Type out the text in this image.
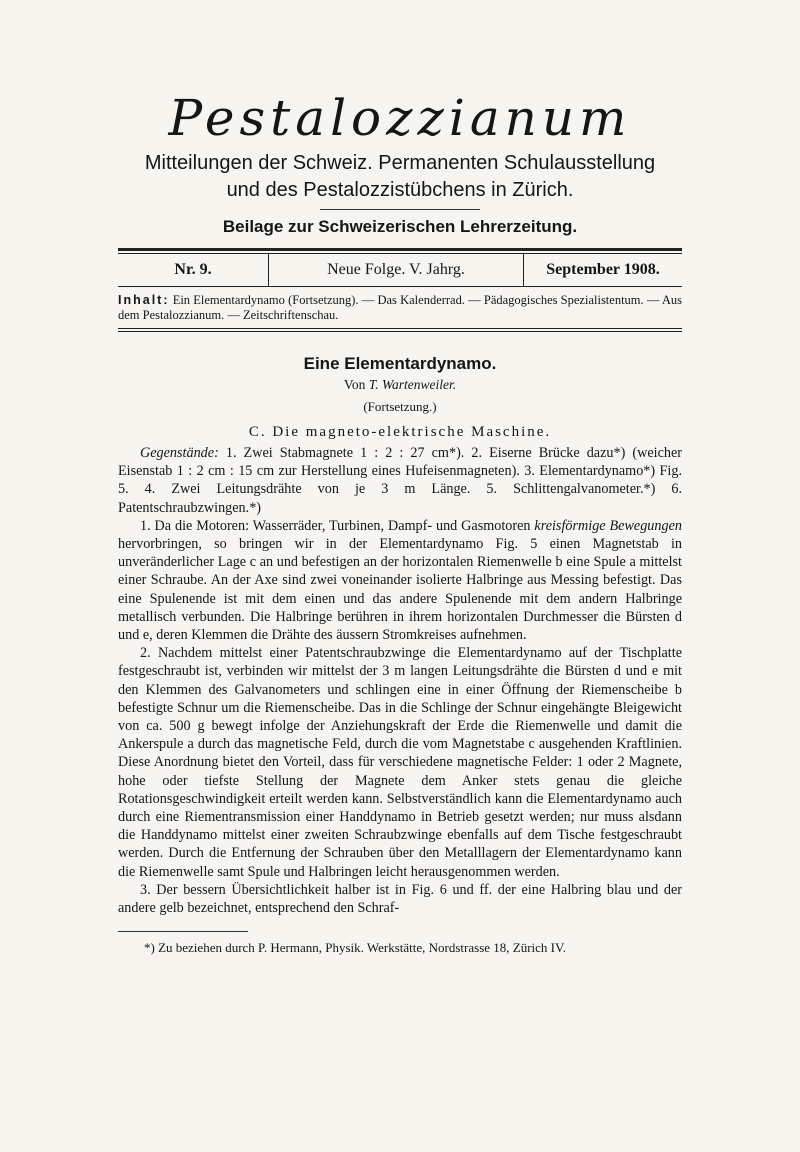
Pestalozzianum
Mitteilungen der Schweiz. Permanenten Schulausstellung
und des Pestalozzistübchens in Zürich.
Beilage zur Schweizerischen Lehrerzeitung.
Nr. 9.	Neue Folge. V. Jahrg.	September 1908.
Inhalt: Ein Elementardynamo (Fortsetzung). — Das Kalenderrad. — Pädagogisches Spezialistentum. — Aus dem Pestalozzianum. — Zeitschriftenschau.
Eine Elementardynamo.
Von T. Wartenweiler.
(Fortsetzung.)
C. Die magneto-elektrische Maschine.

Gegenstände: 1. Zwei Stabmagnete 1 : 2 : 27 cm*). 2. Eiserne Brücke dazu*) (weicher Eisenstab 1 : 2 cm : 15 cm zur Herstellung eines Hufeisenmagneten). 3. Elementardynamo*) Fig. 5. 4. Zwei Leitungsdrähte von je 3 m Länge. 5. Schlittengalvanometer.*) 6. Patentschraubzwingen.*)

1. Da die Motoren: Wasserräder, Turbinen, Dampf- und Gasmotoren kreisförmige Bewegungen hervorbringen, so bringen wir in der Elementardynamo Fig. 5 einen Magnetstab in unveränderlicher Lage c an und befestigen an der horizontalen Riemenwelle b eine Spule a mittelst einer Schraube. An der Axe sind zwei voneinander isolierte Halbringe aus Messing befestigt. Das eine Spulenende ist mit dem einen und das andere Spulenende mit dem andern Halbringe metallisch verbunden. Die Halbringe berühren in ihrem horizontalen Durchmesser die Bürsten d und e, deren Klemmen die Drähte des äussern Stromkreises aufnehmen.

2. Nachdem mittelst einer Patentschraubzwinge die Elementardynamo auf der Tischplatte festgeschraubt ist, verbinden wir mittelst der 3 m langen Leitungsdrähte die Bürsten d und e mit den Klemmen des Galvanometers und schlingen eine in einer Öffnung der Riemenscheibe b befestigte Schnur um die Riemenscheibe. Das in die Schlinge der Schnur eingehängte Bleigewicht von ca. 500 g bewegt infolge der Anziehungskraft der Erde die Riemenwelle und damit die Ankerspule a durch das magnetische Feld, durch die vom Magnetstabe c ausgehenden Kraftlinien. Diese Anordnung bietet den Vorteil, dass für verschiedene magnetische Felder: 1 oder 2 Magnete, hohe oder tiefste Stellung der Magnete dem Anker stets genau die gleiche Rotationsgeschwindigkeit erteilt werden kann. Selbstverständlich kann die Elementardynamo auch durch eine Riementransmission einer Handdynamo in Betrieb gesetzt werden; nur muss alsdann die Handdynamo mittelst einer zweiten Schraubzwinge ebenfalls auf dem Tische festgeschraubt werden. Durch die Entfernung der Schrauben über den Metalllagern der Elementardynamo kann die Riemenwelle samt Spule und Halbringen leicht herausgenommen werden.

3. Der bessern Übersichtlichkeit halber ist in Fig. 6 und ff. der eine Halbring blau und der andere gelb bezeichnet, entsprechend den Schraf-

*) Zu beziehen durch P. Hermann, Physik. Werkstätte, Nordstrasse 18, Zürich IV.
